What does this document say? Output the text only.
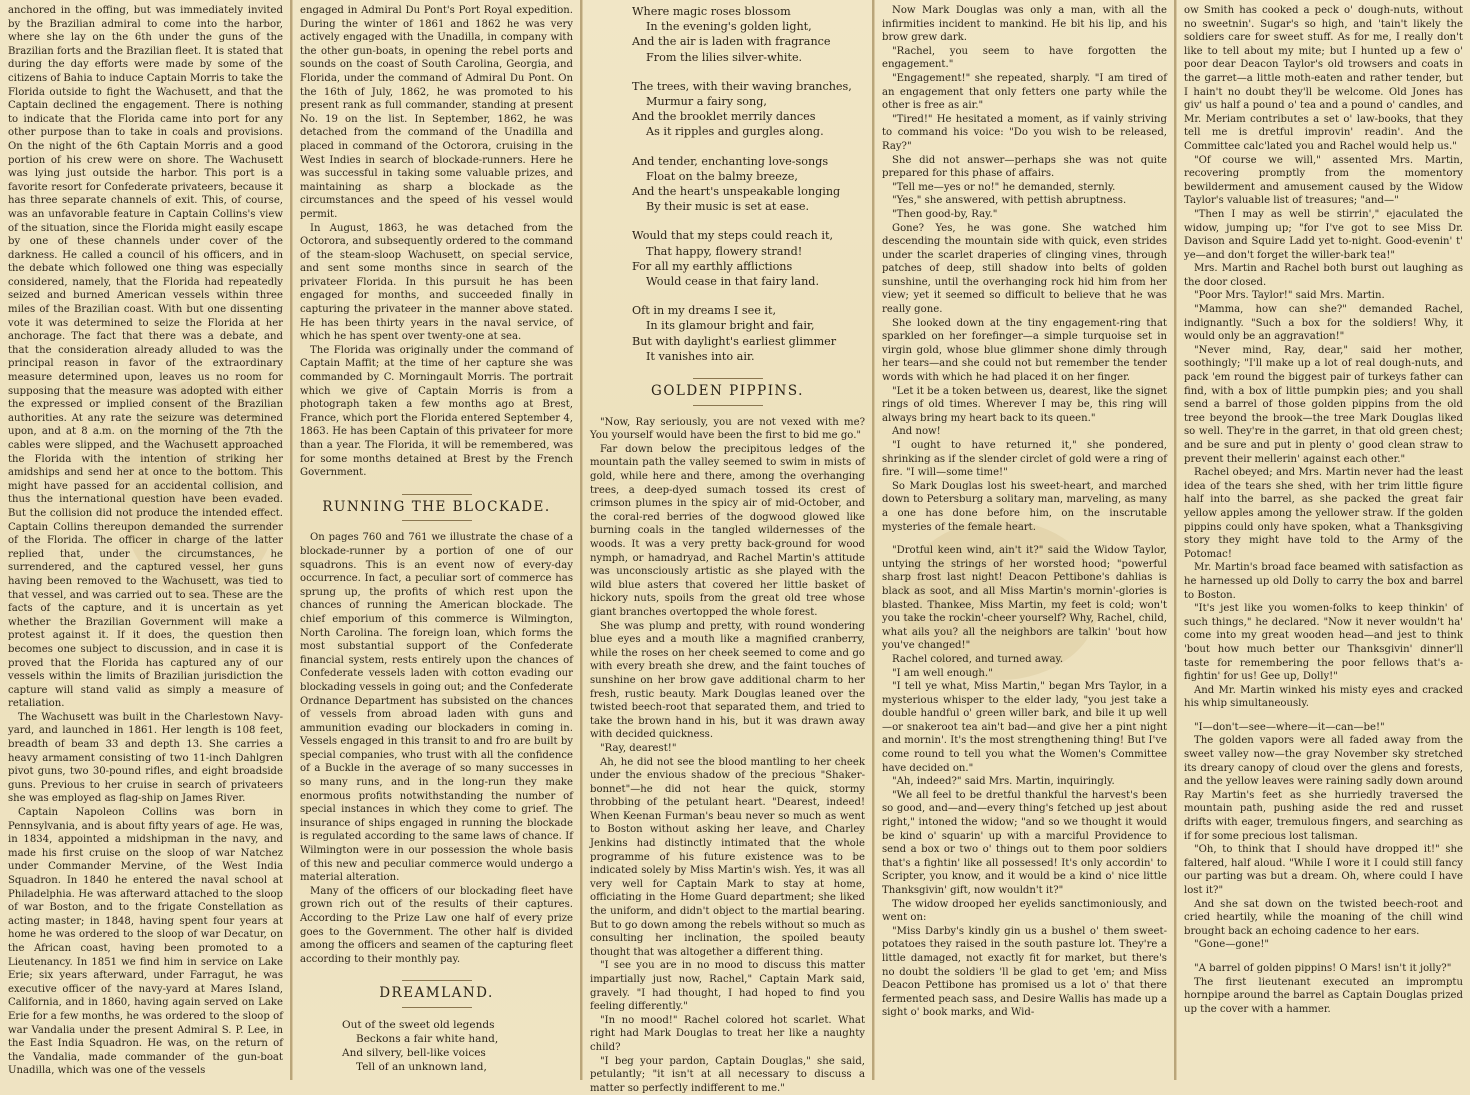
anchored in the offing, but was immediately invited by the Brazilian admiral to come into the harbor, where she lay on the 6th under the guns of the Brazilian forts and the Brazilian fleet. It is stated that during the day efforts were made by some of the citizens of Bahia to induce Captain Morris to take the Florida outside to fight the Wachusett, and that the Captain declined the engagement. There is nothing to indicate that the Florida came into port for any other purpose than to take in coals and provisions. On the night of the 6th Captain Morris and a good portion of his crew were on shore. The Wachusett was lying just outside the harbor. This port is a favorite resort for Confederate privateers, because it has three separate channels of exit. This, of course, was an unfavorable feature in Captain Collins's view of the situation, since the Florida might easily escape by one of these channels under cover of the darkness. He called a council of his officers, and in the debate which followed one thing was especially considered, namely, that the Florida had repeatedly seized and burned American vessels within three miles of the Brazilian coast. With but one dissenting vote it was determined to seize the Florida at her anchorage. The fact that there was a debate, and that the consideration already alluded to was the principal reason in favor of the extraordinary measure determined upon, leaves us no room for supposing that the measure was adopted with either the expressed or implied consent of the Brazilian authorities. At any rate the seizure was determined upon, and at 8 a.m. on the morning of the 7th the cables were slipped, and the Wachusett approached the Florida with the intention of striking her amidships and send her at once to the bottom. This might have passed for an accidental collision, and thus the international question have been evaded. But the collision did not produce the intended effect. Captain Collins thereupon demanded the surrender of the Florida. The officer in charge of the latter replied that, under the circumstances, he surrendered, and the captured vessel, her guns having been removed to the Wachusett, was tied to that vessel, and was carried out to sea. These are the facts of the capture, and it is uncertain as yet whether the Brazilian Government will make a protest against it. If it does, the question then becomes one subject to discussion, and in case it is proved that the Florida has captured any of our vessels within the limits of Brazilian jurisdiction the capture will stand valid as simply a measure of retaliation.

The Wachusett was built in the Charlestown Navy-yard, and launched in 1861. Her length is 108 feet, breadth of beam 33 and depth 13. She carries a heavy armament consisting of two 11-inch Dahlgren pivot guns, two 30-pound rifles, and eight broadside guns. Previous to her cruise in search of privateers she was employed as flag-ship on James River.

Captain Napoleon Collins was born in Pennsylvania, and is about fifty years of age. He was, in 1834, appointed a midshipman in the navy, and made his first cruise on the sloop of war Natchez under Commander Mervine, of the West India Squadron. In 1840 he entered the naval school at Philadelphia. He was afterward attached to the sloop of war Boston, and to the frigate Constellation as acting master; in 1848, having spent four years at home he was ordered to the sloop of war Decatur, on the African coast, having been promoted to a Lieutenancy. In 1851 we find him in service on Lake Erie; six years afterward, under Farragut, he was executive officer of the navy-yard at Mares Island, California, and in 1860, having again served on Lake Erie for a few months, he was ordered to the sloop of war Vandalia under the present Admiral S. P. Lee, in the East India Squadron. He was, on the return of the Vandalia, made commander of the gun-boat Unadilla, which was one of the vessels

engaged in Admiral Du Pont's Port Royal expedition. During the winter of 1861 and 1862 he was very actively engaged with the Unadilla, in company with the other gun-boats, in opening the rebel ports and sounds on the coast of South Carolina, Georgia, and Florida, under the command of Admiral Du Pont. On the 16th of July, 1862, he was promoted to his present rank as full commander, standing at present No. 19 on the list. In September, 1862, he was detached from the command of the Unadilla and placed in command of the Octorora, cruising in the West Indies in search of blockade-runners. Here he was successful in taking some valuable prizes, and maintaining as sharp a blockade as the circumstances and the speed of his vessel would permit.

In August, 1863, he was detached from the Octorora, and subsequently ordered to the command of the steam-sloop Wachusett, on special service, and sent some months since in search of the privateer Florida. In this pursuit he has been engaged for months, and succeeded finally in capturing the privateer in the manner above stated. He has been thirty years in the naval service, of which he has spent over twenty-one at sea.

The Florida was originally under the command of Captain Maffit; at the time of her capture she was commanded by C. Morningault Morris. The portrait which we give of Captain Morris is from a photograph taken a few months ago at Brest, France, which port the Florida entered September 4, 1863. He has been Captain of this privateer for more than a year. The Florida, it will be remembered, was for some months detained at Brest by the French Government.

RUNNING THE BLOCKADE.

On pages 760 and 761 we illustrate the chase of a blockade-runner by a portion of one of our squadrons. This is an event now of every-day occurrence. In fact, a peculiar sort of commerce has sprung up, the profits of which rest upon the chances of running the American blockade. The chief emporium of this commerce is Wilmington, North Carolina. The foreign loan, which forms the most substantial support of the Confederate financial system, rests entirely upon the chances of Confederate vessels laden with cotton evading our blockading vessels in going out; and the Confederate Ordnance Department has subsisted on the chances of vessels from abroad laden with guns and ammunition evading our blockaders in coming in. Vessels engaged in this transit to and fro are built by special companies, who trust with all the confidence of a Buckle in the average of so many successes in so many runs, and in the long-run they make enormous profits notwithstanding the number of special instances in which they come to grief. The insurance of ships engaged in running the blockade is regulated according to the same laws of chance. If Wilmington were in our possession the whole basis of this new and peculiar commerce would undergo a material alteration.

Many of the officers of our blockading fleet have grown rich out of the results of their captures. According to the Prize Law one half of every prize goes to the Government. The other half is divided among the officers and seamen of the capturing fleet according to their monthly pay.

DREAMLAND.
Out of the sweet old legends
Beckons a fair white hand,
And silvery, bell-like voices
Tell of an unknown land,
Where magic roses blossom
In the evening's golden light,
And the air is laden with fragrance
From the lilies silver-white.
The trees, with their waving branches,
Murmur a fairy song,
And the brooklet merrily dances
As it ripples and gurgles along.
And tender, enchanting love-songs
Float on the balmy breeze,
And the heart's unspeakable longing
By their music is set at ease.
Would that my steps could reach it,
That happy, flowery strand!
For all my earthly afflictions
Would cease in that fairy land.
Oft in my dreams I see it,
In its glamour bright and fair,
But with daylight's earliest glimmer
It vanishes into air.
GOLDEN PIPPINS.

"Now, Ray seriously, you are not vexed with me? You yourself would have been the first to bid me go."

Far down below the precipitous ledges of the mountain path the valley seemed to swim in mists of gold, while here and there, among the overhanging trees, a deep-dyed sumach tossed its crest of crimson plumes in the spicy air of mid-October, and the coral-red berries of the dogwood glowed like burning coals in the tangled wildernesses of the woods. It was a very pretty back-ground for wood nymph, or hamadryad, and Rachel Martin's attitude was unconsciously artistic as she played with the wild blue asters that covered her little basket of hickory nuts, spoils from the great old tree whose giant branches overtopped the whole forest.

She was plump and pretty, with round wondering blue eyes and a mouth like a magnified cranberry, while the roses on her cheek seemed to come and go with every breath she drew, and the faint touches of sunshine on her brow gave additional charm to her fresh, rustic beauty. Mark Douglas leaned over the twisted beech-root that separated them, and tried to take the brown hand in his, but it was drawn away with decided quickness.

"Ray, dearest!"

Ah, he did not see the blood mantling to her cheek under the envious shadow of the precious "Shaker-bonnet"—he did not hear the quick, stormy throbbing of the petulant heart. "Dearest, indeed! When Keenan Furman's beau never so much as went to Boston without asking her leave, and Charley Jenkins had distinctly intimated that the whole programme of his future existence was to be indicated solely by Miss Martin's wish. Yes, it was all very well for Captain Mark to stay at home, officiating in the Home Guard department; she liked the uniform, and didn't object to the martial bearing. But to go down among the rebels without so much as consulting her inclination, the spoiled beauty thought that was altogether a different thing.

"I see you are in no mood to discuss this matter impartially just now, Rachel," Captain Mark said, gravely. "I had thought, I had hoped to find you feeling differently."

"In no mood!" Rachel colored hot scarlet. What right had Mark Douglas to treat her like a naughty child?

"I beg your pardon, Captain Douglas," she said, petulantly; "it isn't at all necessary to discuss a matter so perfectly indifferent to me."

Now Mark Douglas was only a man, with all the infirmities incident to mankind. He bit his lip, and his brow grew dark.

"Rachel, you seem to have forgotten the engagement."

"Engagement!" she repeated, sharply. "I am tired of an engagement that only fetters one party while the other is free as air."

"Tired!" He hesitated a moment, as if vainly striving to command his voice: "Do you wish to be released, Ray?"

She did not answer—perhaps she was not quite prepared for this phase of affairs.

"Tell me—yes or no!" he demanded, sternly.

"Yes," she answered, with pettish abruptness.

"Then good-by, Ray."

Gone? Yes, he was gone. She watched him descending the mountain side with quick, even strides under the scarlet draperies of clinging vines, through patches of deep, still shadow into belts of golden sunshine, until the overhanging rock hid him from her view; yet it seemed so difficult to believe that he was really gone.

She looked down at the tiny engagement-ring that sparkled on her forefinger—a simple turquoise set in virgin gold, whose blue glimmer shone dimly through her tears—and she could not but remember the tender words with which he had placed it on her finger.

"Let it be a token between us, dearest, like the signet rings of old times. Wherever I may be, this ring will always bring my heart back to its queen."

And now!

"I ought to have returned it," she pondered, shrinking as if the slender circlet of gold were a ring of fire. "I will—some time!"

So Mark Douglas lost his sweet-heart, and marched down to Petersburg a solitary man, marveling, as many a one has done before him, on the inscrutable mysteries of the female heart.

"Drotful keen wind, ain't it?" said the Widow Taylor, untying the strings of her worsted hood; "powerful sharp frost last night! Deacon Pettibone's dahlias is black as soot, and all Miss Martin's mornin'-glories is blasted. Thankee, Miss Martin, my feet is cold; won't you take the rockin'-cheer yourself? Why, Rachel, child, what ails you? all the neighbors are talkin' 'bout how you've changed!"

Rachel colored, and turned away.

"I am well enough."

"I tell ye what, Miss Martin," began Mrs Taylor, in a mysterious whisper to the elder lady, "you jest take a double handful o' green willer bark, and bile it up well—or snakeroot tea ain't bad—and give her a pint night and mornin'. It's the most strengthening thing! But I've come round to tell you what the Women's Committee have decided on."

"Ah, indeed?" said Mrs. Martin, inquiringly.

"We all feel to be dretful thankful the harvest's been so good, and—and—every thing's fetched up jest about right," intoned the widow; "and so we thought it would be kind o' squarin' up with a marciful Providence to send a box or two o' things out to them poor soldiers that's a fightin' like all possessed! It's only accordin' to Scripter, you know, and it would be a kind o' nice little Thanksgivin' gift, now wouldn't it?"

The widow drooped her eyelids sanctimoniously, and went on:

"Miss Darby's kindly gin us a bushel o' them sweet-potatoes they raised in the south pasture lot. They're a little damaged, not exactly fit for market, but there's no doubt the soldiers 'll be glad to get 'em; and Miss Deacon Pettibone has promised us a lot o' that there fermented peach sass, and Desire Wallis has made up a sight o' book marks, and Wid-

ow Smith has cooked a peck o' dough-nuts, without no sweetnin'. Sugar's so high, and 'tain't likely the soldiers care for sweet stuff. As for me, I really don't like to tell about my mite; but I hunted up a few o' poor dear Deacon Taylor's old trowsers and coats in the garret—a little moth-eaten and rather tender, but I hain't no doubt they'll be welcome. Old Jones has giv' us half a pound o' tea and a pound o' candles, and Mr. Meriam contributes a set o' law-books, that they tell me is dretful improvin' readin'. And the Committee calc'lated you and Rachel would help us."

"Of course we will," assented Mrs. Martin, recovering promptly from the momentory bewilderment and amusement caused by the Widow Taylor's valuable list of treasures; "and—"

"Then I may as well be stirrin'," ejaculated the widow, jumping up; "for I've got to see Miss Dr. Davison and Squire Ladd yet to-night. Good-evenin' t' ye—and don't forget the willer-bark tea!"

Mrs. Martin and Rachel both burst out laughing as the door closed.

"Poor Mrs. Taylor!" said Mrs. Martin.

"Mamma, how can she?" demanded Rachel, indignantly. "Such a box for the soldiers! Why, it would only be an aggravation!"

"Never mind, Ray, dear," said her mother, soothingly; "I'll make up a lot of real dough-nuts, and pack 'em round the biggest pair of turkeys father can find, with a box of little pumpkin pies; and you shall send a barrel of those golden pippins from the old tree beyond the brook—the tree Mark Douglas liked so well. They're in the garret, in that old green chest; and be sure and put in plenty o' good clean straw to prevent their mellerin' against each other."

Rachel obeyed; and Mrs. Martin never had the least idea of the tears she shed, with her trim little figure half into the barrel, as she packed the great fair yellow apples among the yellower straw. If the golden pippins could only have spoken, what a Thanksgiving story they might have told to the Army of the Potomac!

Mr. Martin's broad face beamed with satisfaction as he harnessed up old Dolly to carry the box and barrel to Boston.

"It's jest like you women-folks to keep thinkin' of such things," he declared. "Now it never wouldn't ha' come into my great wooden head—and jest to think 'bout how much better our Thanksgivin' dinner'll taste for remembering the poor fellows that's a-fightin' for us! Gee up, Dolly!"

And Mr. Martin winked his misty eyes and cracked his whip simultaneously.

"I—don't—see—where—it—can—be!"

The golden vapors were all faded away from the sweet valley now—the gray November sky stretched its dreary canopy of cloud over the glens and forests, and the yellow leaves were raining sadly down around Ray Martin's feet as she hurriedly traversed the mountain path, pushing aside the red and russet drifts with eager, tremulous fingers, and searching as if for some precious lost talisman.

"Oh, to think that I should have dropped it!" she faltered, half aloud. "While I wore it I could still fancy our parting was but a dream. Oh, where could I have lost it?"

And she sat down on the twisted beech-root and cried heartily, while the moaning of the chill wind brought back an echoing cadence to her ears.

"Gone—gone!"

"A barrel of golden pippins! O Mars! isn't it jolly?"

The first lieutenant executed an impromptu hornpipe around the barrel as Captain Douglas prized up the cover with a hammer.
